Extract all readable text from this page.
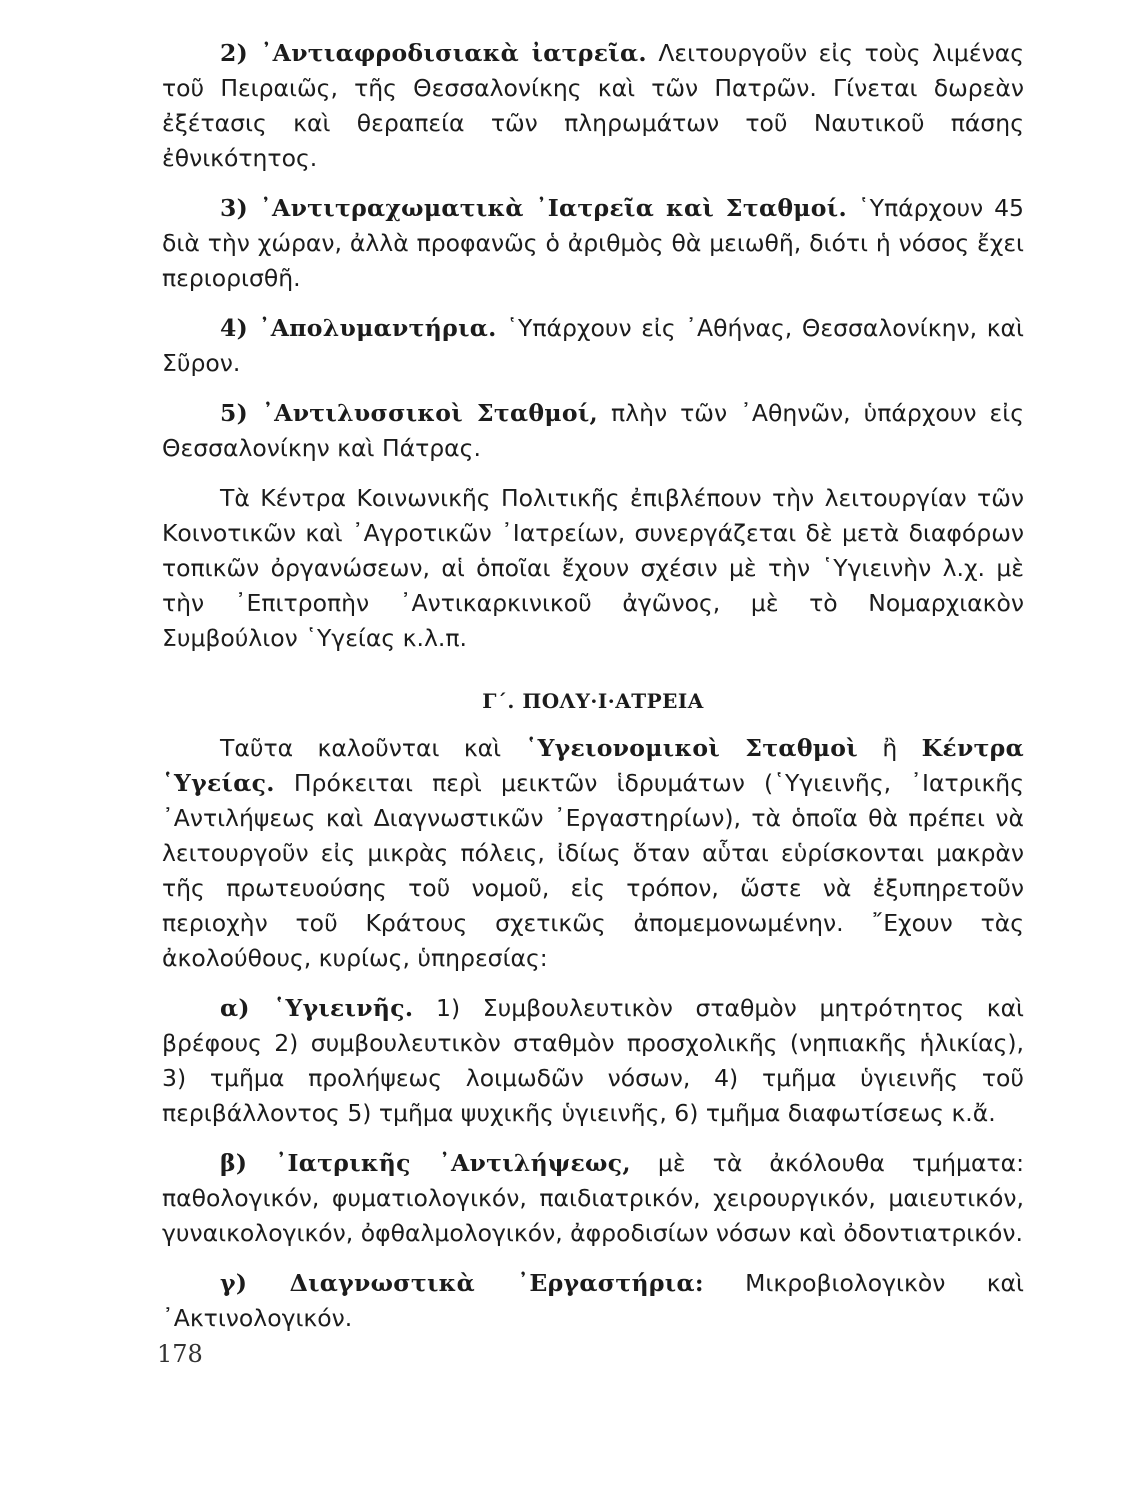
2) ᾿Αντιαφροδισιακὰ ἰατρεῖα. Λειτουργοῦν εἰς τοὺς λιμένας τοῦ Πειραιῶς, τῆς Θεσσαλονίκης καὶ τῶν Πατρῶν. Γίνεται δωρεὰν ἐξέτασις καὶ θεραπεία τῶν πληρωμάτων τοῦ Ναυτικοῦ πάσης ἐθνικότητος.

3) ᾿Αντιτραχωματικὰ ᾿Ιατρεῖα καὶ Σταθμοί. ῾Υπάρχουν 45 διὰ τὴν χώραν, ἀλλὰ προφανῶς ὁ ἀριθμὸς θὰ μειωθῆ, διότι ἡ νόσος ἔχει περιορισθῆ.

4) ᾿Απολυμαντήρια. ῾Υπάρχουν εἰς ᾿Αθήνας, Θεσσαλονίκην, καὶ Σῦρον.

5) ᾿Αντιλυσσικοὶ Σταθμοί, πλὴν τῶν ᾿Αθηνῶν, ὑπάρχουν εἰς Θεσσαλονίκην καὶ Πάτρας.

Τὰ Κέντρα Κοινωνικῆς Πολιτικῆς ἐπιβλέπουν τὴν λειτουργίαν τῶν Κοινοτικῶν καὶ ᾿Αγροτικῶν ᾿Ιατρείων, συνεργάζεται δὲ μετὰ διαφόρων τοπικῶν ὀργανώσεων, αἱ ὁποῖαι ἔχουν σχέσιν μὲ τὴν ῾Υγιεινὴν λ.χ. μὲ τὴν ᾿Επιτροπὴν ᾿Αντικαρκινικοῦ ἀγῶνος, μὲ τὸ Νομαρχιακὸν Συμβούλιον ῾Υγείας κ.λ.π.

Γ΄. ΠΟΛΥ·Ι·ΑΤΡΕΙΑ

Ταῦτα καλοῦνται καὶ ῾Υγειονομικοὶ Σταθμοὶ ἢ Κέντρα ῾Υγείας. Πρόκειται περὶ μεικτῶν ἱδρυμάτων (῾Υγιεινῆς, ᾿Ιατρικῆς ᾿Αντιλήψεως καὶ Διαγνωστικῶν ᾿Εργαστηρίων), τὰ ὁποῖα θὰ πρέπει νὰ λειτουργοῦν εἰς μικρὰς πόλεις, ἰδίως ὅταν αὗται εὑρίσκονται μακρὰν τῆς πρωτευούσης τοῦ νομοῦ, εἰς τρόπον, ὥστε νὰ ἐξυπηρετοῦν περιοχὴν τοῦ Κράτους σχετικῶς ἀπομεμονωμένην. ῎Εχουν τὰς ἀκολούθους, κυρίως, ὑπηρεσίας:

α) ῾Υγιεινῆς. 1) Συμβουλευτικὸν σταθμὸν μητρότητος καὶ βρέφους 2) συμβουλευτικὸν σταθμὸν προσχολικῆς (νηπιακῆς ἡλικίας), 3) τμῆμα προλήψεως λοιμωδῶν νόσων, 4) τμῆμα ὑγιεινῆς τοῦ περιβάλλοντος 5) τμῆμα ψυχικῆς ὑγιεινῆς, 6) τμῆμα διαφωτίσεως κ.ἄ.

β) ᾿Ιατρικῆς ᾿Αντιλήψεως, μὲ τὰ ἀκόλουθα τμήματα: παθολογικόν, φυματιολογικόν, παιδιατρικόν, χειρουργικόν, μαιευτικόν, γυναικολογικόν, ὀφθαλμολογικόν, ἀφροδισίων νόσων καὶ ὀδοντιατρικόν.

γ) Διαγνωστικὰ ᾿Εργαστήρια: Μικροβιολογικὸν καὶ ᾿Ακτινολογικόν.

178
